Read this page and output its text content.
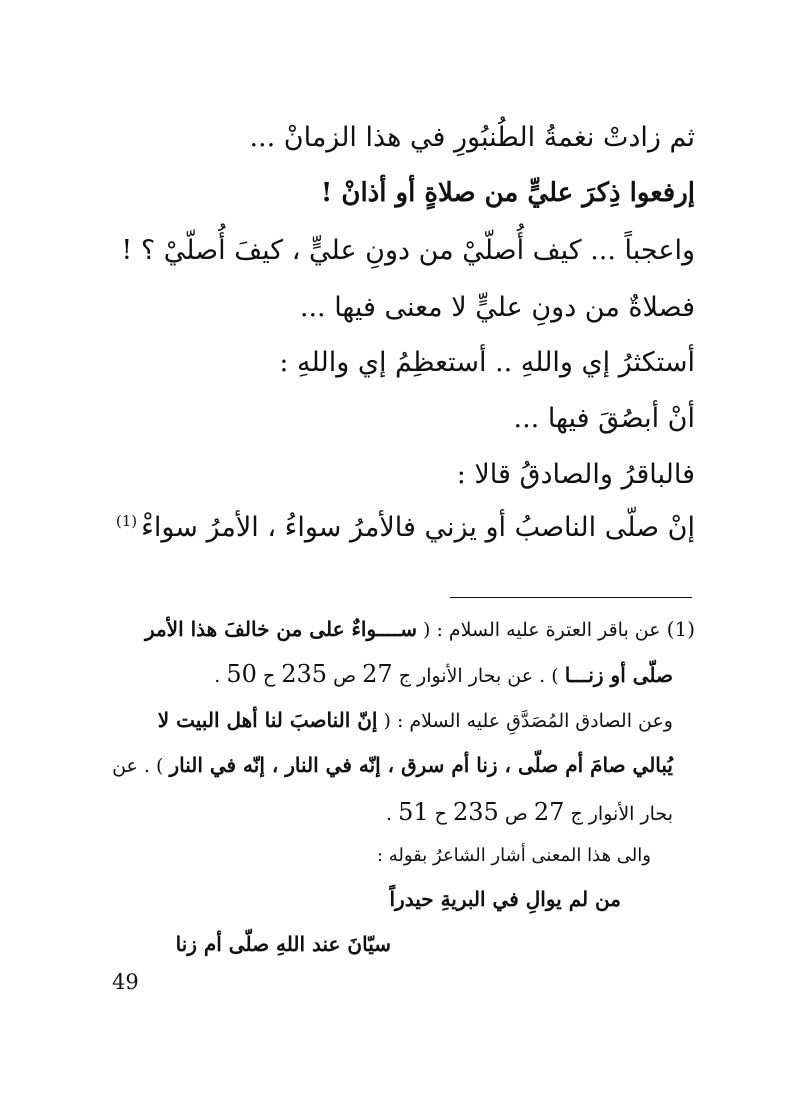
ثم زادتْ نغمةُ الطُنبُورِ في هذا الزمانْ ...
إرفعوا ذِكرَ عليٍّ من صلاةٍ أو أذانْ !
واعجباً ... كيف أُصلّيْ من دونِ عليٍّ ، كيفَ أُصلّيْ ؟ !
فصلاةٌ من دونِ عليٍّ لا معنى فيها ...
أستكثرُ إي واللهِ .. أستعظِمُ إي واللهِ :
أنْ أبصُقَ فيها ...
فالباقرُ والصادقُ قالا :
إنْ صلّى الناصبُ أو يزني فالأمرُ سواءُ ، الأمرُ سواءْ$^{(1)}$
(1) عن باقر العترة عليه السلام : ( ســــواءٌ على من خالفَ هذا الأمر
صلّى أو زنـــا ) . عن بحار الأنوار ج 27 ص 235 ح 50 .
وعن الصادق المُصَدَّقِ عليه السلام : ( إنّ الناصبَ لنا أهل البيت لا
يُبالي صامَ أم صلّى ، زنا أم سرق ، إنّه في النار ، إنّه في النار ) . عن
بحار الأنوار ج 27 ص 235 ح 51 .
والى هذا المعنى أشار الشاعرُ بقوله :
من لم يوالِ في البريةِ حيدراً
سيّانَ عند اللهِ صلّى أم زنا
49
